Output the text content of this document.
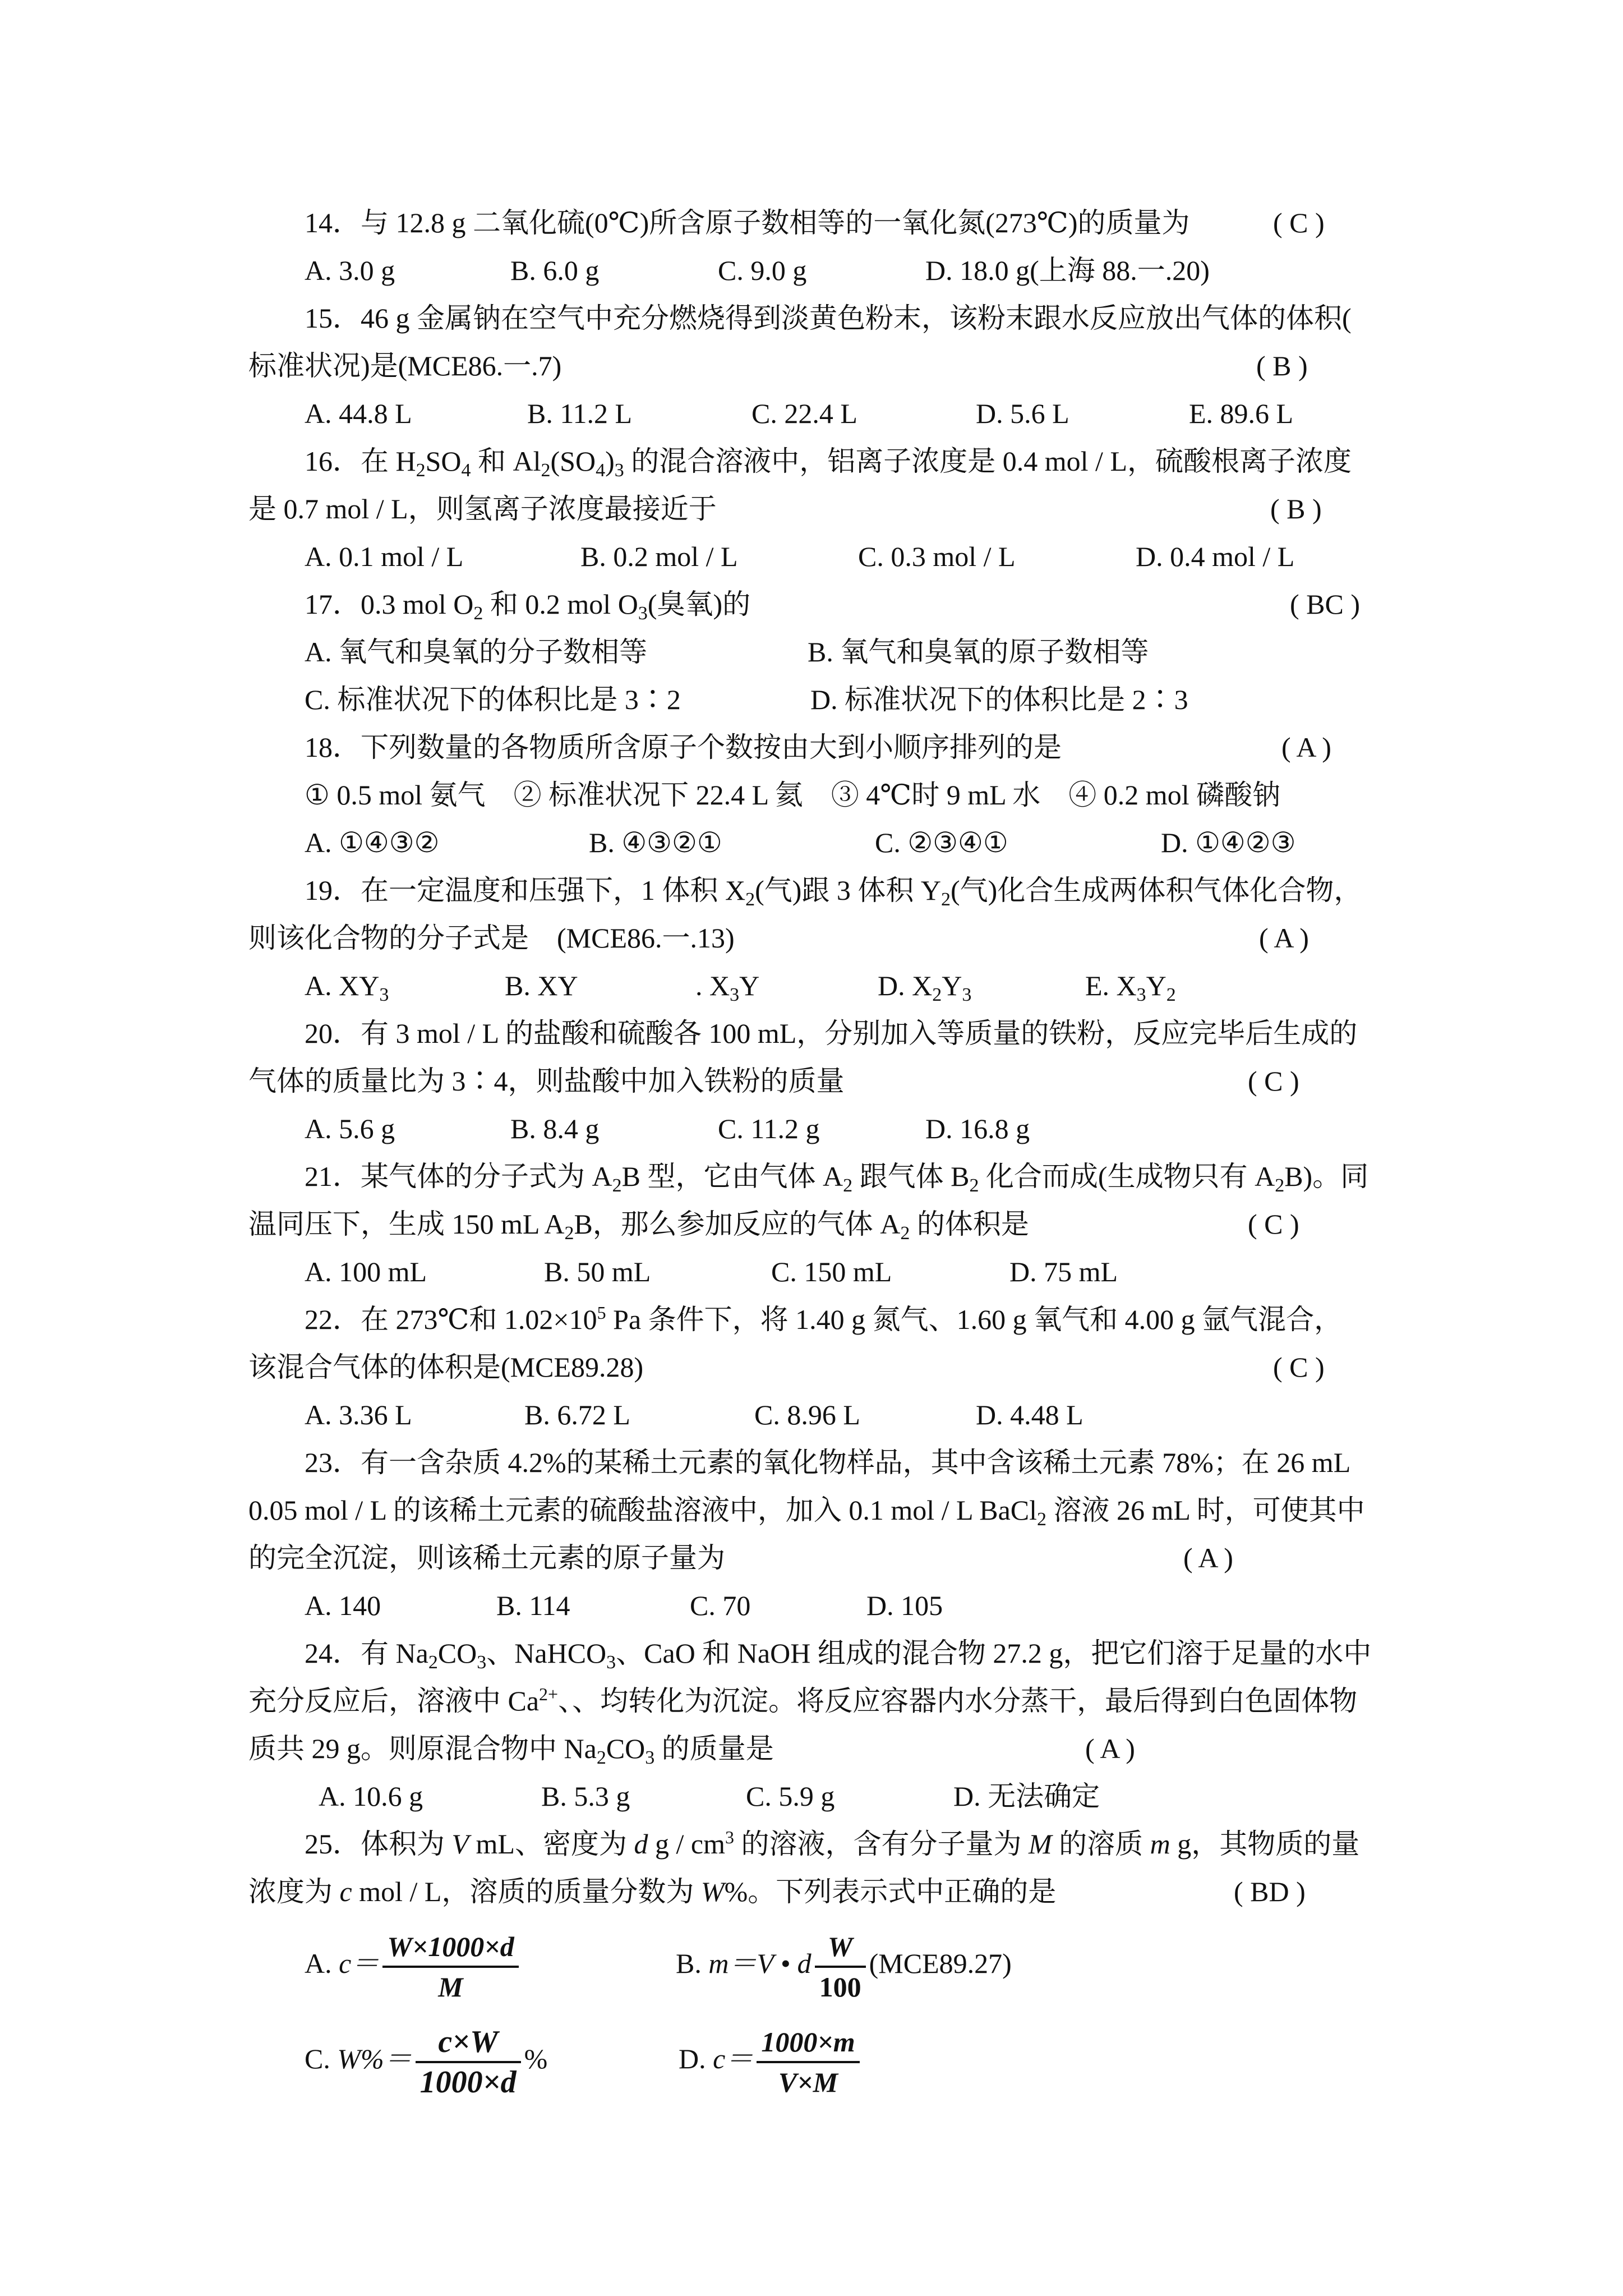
14．与 12.8 g 二氧化硫(0℃)所含原子数相等的一氧化氮(273℃)的质量为	( C )
A. 3.0 g	B. 6.0 g	C. 9.0 g	D. 18.0 g(上海 88.一.20)
15．46 g 金属钠在空气中充分燃烧得到淡黄色粉末，该粉末跟水反应放出气体的体积(
标准状况)是(MCE86.一.7)	( B )
A. 44.8 L	B. 11.2 L	C. 22.4 L	D. 5.6 L	E. 89.6 L
16．在 $H_2SO_4$ 和 $Al_2(SO_4)_3$ 的混合溶液中，铝离子浓度是 0.4 mol / L，硫酸根离子浓度
是 0.7 mol / L，则氢离子浓度最接近于	( B )
A. 0.1 mol / L	B. 0.2 mol / L	C. 0.3 mol / L	D. 0.4 mol / L
17．0.3 mol $O_2$ 和 0.2 mol $O_3$(臭氧)的	( BC )
A. 氧气和臭氧的分子数相等	B. 氧气和臭氧的原子数相等
C. 标准状况下的体积比是 3∶2	D. 标准状况下的体积比是 2∶3
18．下列数量的各物质所含原子个数按由大到小顺序排列的是	( A )
① 0.5 mol 氨气　② 标准状况下 22.4 L 氦　③ 4℃时 9 mL 水　④ 0.2 mol 磷酸钠
A. ①④③②	B. ④③②①	C. ②③④①	D. ①④②③
19．在一定温度和压强下，1 体积 $X_2$(气)跟 3 体积 $Y_2$(气)化合生成两体积气体化合物，
则该化合物的分子式是　(MCE86.一.13)	( A )
A. $XY_3$	B. XY	. $X_3Y$	D. $X_2Y_3$	E. $X_3Y_2$
20．有 3 mol / L 的盐酸和硫酸各 100 mL，分别加入等质量的铁粉，反应完毕后生成的
气体的质量比为 3∶4，则盐酸中加入铁粉的质量	( C )
A. 5.6 g	B. 8.4 g	C. 11.2 g	D. 16.8 g
21．某气体的分子式为 $A_2B$ 型，它由气体 $A_2$ 跟气体 $B_2$ 化合而成(生成物只有 $A_2B$)。同
温同压下，生成 150 mL $A_2B$，那么参加反应的气体 $A_2$ 的体积是	( C )
A. 100 mL	B. 50 mL	C. 150 mL	D. 75 mL
22．在 273℃和 $1.02\times 10^5$ Pa 条件下，将 1.40 g 氮气、1.60 g 氧气和 4.00 g 氩气混合，
该混合气体的体积是(MCE89.28)	( C )
A. 3.36 L	B. 6.72 L	C. 8.96 L	D. 4.48 L
23．有一含杂质 4.2%的某稀土元素的氧化物样品，其中含该稀土元素 78%；在 26 mL
0.05 mol / L 的该稀土元素的硫酸盐溶液中，加入 0.1 mol / L BaCl$_2$ 溶液 26 mL 时，可使其中
的完全沉淀，则该稀土元素的原子量为	( A )
A. 140	B. 114	C. 70	D. 105
24．有 $Na_2CO_3$、NaHCO$_3$、CaO 和 NaOH 组成的混合物 27.2 g，把它们溶于足量的水中
充分反应后，溶液中 $Ca^{2+}$、、均转化为沉淀。将反应容器内水分蒸干，最后得到白色固体物
质共 29 g。则原混合物中 $Na_2CO_3$ 的质量是	( A )
A. 10.6 g	B. 5.3 g	C. 5.9 g	D. 无法确定
25．体积为 V mL、密度为 d g / $cm^3$ 的溶液，含有分子量为 M 的溶质 m g，其物质的量
浓度为 c mol / L，溶质的质量分数为 W%。下列表示式中正确的是	( BD )
A. $c= \frac{W\times 1000\times d}{M}$	B. m＝V • d $\frac{W}{100} (MCE89.27)$
C. $W\%= \frac{c\times W}{1000\times d}$ %	D. $c= \frac{1000\times m}{V\times M}$
